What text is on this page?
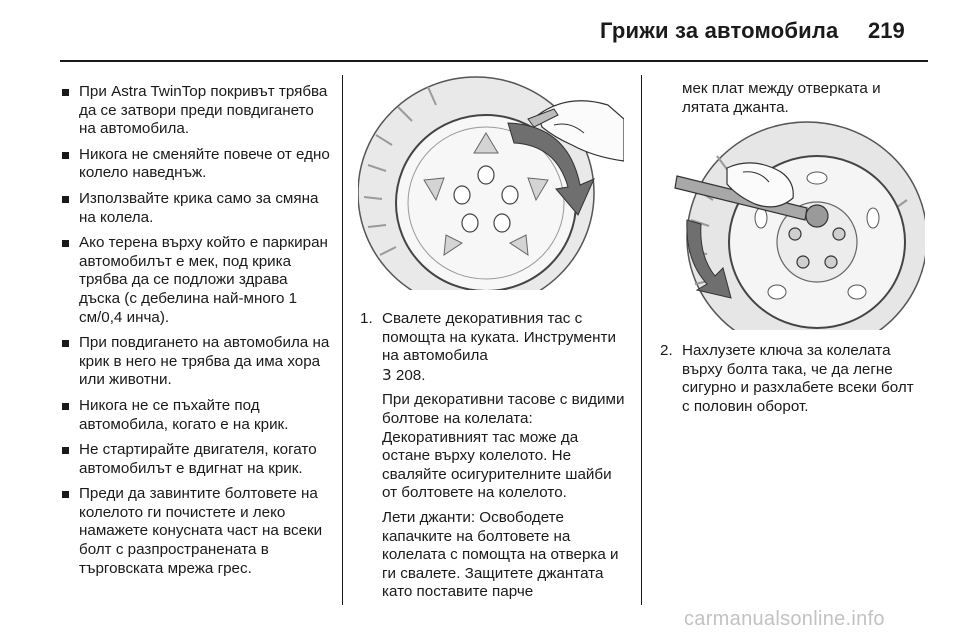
Грижи за автомобила 219
При Astra TwinTop покривът трябва да се затвори преди повдигането на автомобила.
Никога не сменяйте повече от едно колело наведнъж.
Използвайте крика само за смяна на колела.
Ако терена върху който е паркиран автомобилът е мек, под крика трябва да се подложи здрава дъска (с дебелина най-много 1 см/0,4 инча).
При повдигането на автомобила на крик в него не трябва да има хора или животни.
Никога не се пъхайте под автомобила, когато е на крик.
Не стартирайте двигателя, когато автомобилът е вдигнат на крик.
Преди да завинтите болтовете на колелото ги почистете и леко намажете конусната част на всеки болт с разпространената в търговската мрежа грес.
1. Свалете декоративния тас с помощта на куката. Инструменти на автомобила
3 208.
При декоративни тасове с видими болтове на колелата: Декоративният тас може да остане върху колелото. Не сваляйте осигурителните шайби от болтовете на колелото.
Лети джанти: Освободете капачките на болтовете на колелата с помощта на отверка и ги свалете. Защитете джантата като поставите парче
мек плат между отверката и лятата джанта.
2. Нахлузете ключа за колелата върху болта така, че да легне сигурно и разхлабете всеки болт с половин оборот.
carmanualsonline.info
